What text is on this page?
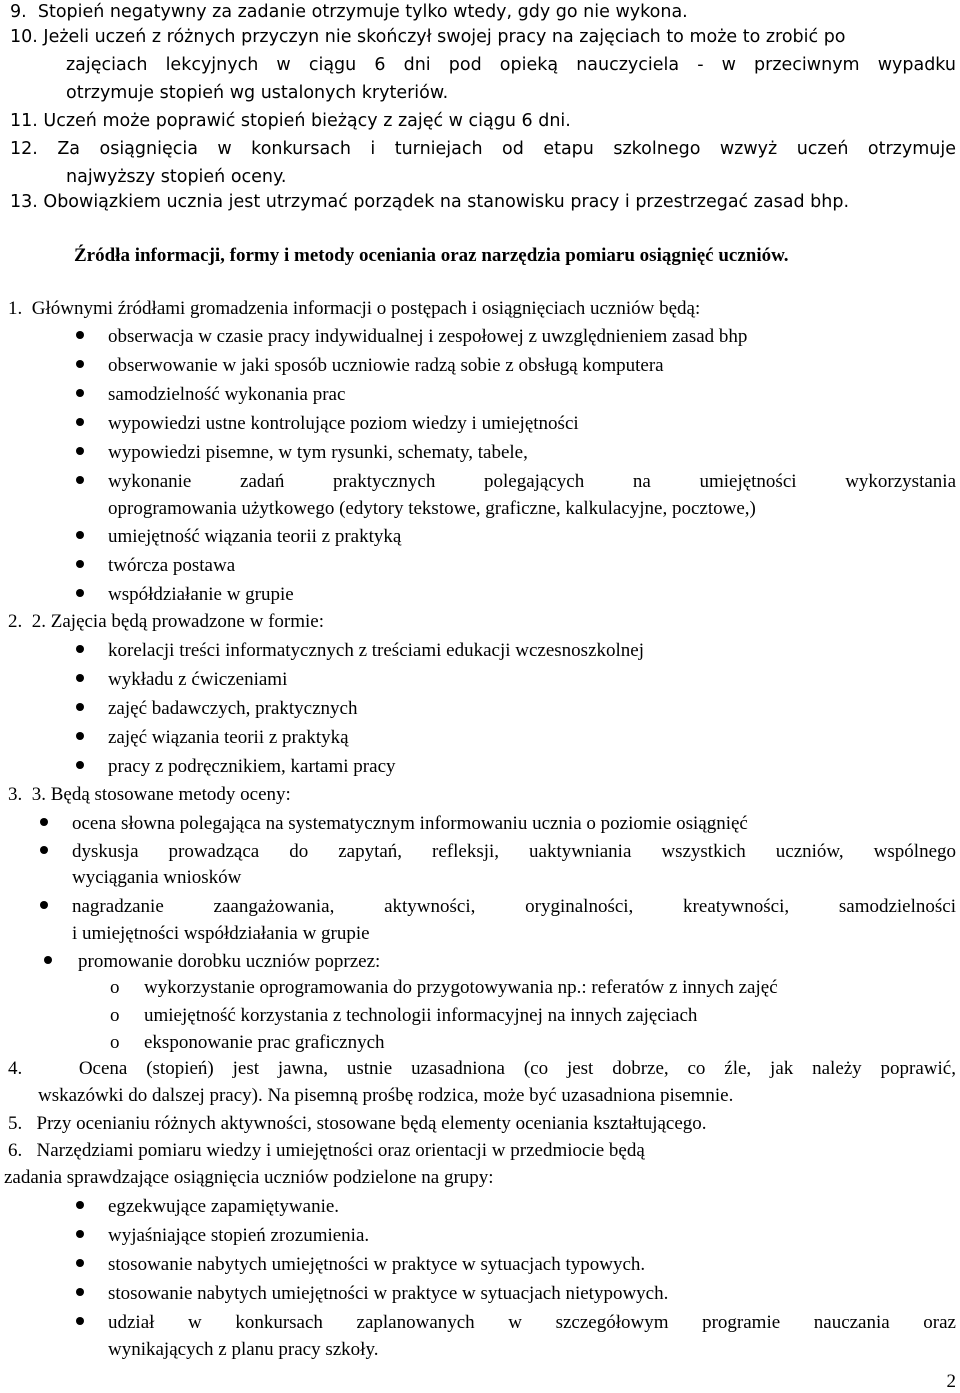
9. Stopień negatywny za zadanie otrzymuje tylko wtedy, gdy go nie wykona.
10. Jeżeli uczeń z różnych przyczyn nie skończył swojej pracy na zajęciach to może to zrobić po
zajęciach lekcyjnych w ciągu 6 dni pod opieką nauczyciela - w przeciwnym wypadku
otrzymuje stopień wg ustalonych kryteriów.
11. Uczeń może poprawić stopień bieżący z zajęć w ciągu 6 dni.
12. Za osiągnięcia w konkursach i turniejach od etapu szkolnego wzwyż uczeń otrzymuje
najwyższy stopień oceny.
13. Obowiązkiem ucznia jest utrzymać porządek na stanowisku pracy i przestrzegać zasad bhp.
Źródła informacji, formy i metody oceniania oraz narzędzia pomiaru osiągnięć uczniów.
1. Głównymi źródłami gromadzenia informacji o postępach i osiągnięciach uczniów będą:
obserwacja w czasie pracy indywidualnej i zespołowej z uwzględnieniem zasad bhp
obserwowanie w jaki sposób uczniowie radzą sobie z obsługą komputera
samodzielność wykonania prac
wypowiedzi ustne kontrolujące poziom wiedzy i umiejętności
wypowiedzi pisemne, w tym rysunki, schematy, tabele,
wykonanie zadań praktycznych polegających na umiejętności wykorzystania
oprogramowania użytkowego (edytory tekstowe, graficzne, kalkulacyjne, pocztowe,)
umiejętność wiązania teorii z praktyką
twórcza postawa
współdziałanie w grupie
2. 2. Zajęcia będą prowadzone w formie:
korelacji treści informatycznych z treściami edukacji wczesnoszkolnej
wykładu z ćwiczeniami
zajęć badawczych, praktycznych
zajęć wiązania teorii z praktyką
pracy z podręcznikiem, kartami pracy
3. 3. Będą stosowane metody oceny:
ocena słowna polegająca na systematycznym informowaniu ucznia o poziomie osiągnięć
dyskusja prowadząca do zapytań, refleksji, uaktywniania wszystkich uczniów, wspólnego
wyciągania wniosków
nagradzanie zaangażowania, aktywności, oryginalności, kreatywności, samodzielności
i umiejętności współdziałania w grupie
promowanie dorobku uczniów poprzez:
o wykorzystanie oprogramowania do przygotowywania np.: referatów z innych zajęć
o umiejętność korzystania z technologii informacyjnej na innych zajęciach
o eksponowanie prac graficznych
4.	Ocena (stopień) jest jawna, ustnie uzasadniona (co jest dobrze, co źle, jak należy poprawić,
wskazówki do dalszej pracy). Na pisemną prośbę rodzica, może być uzasadniona pisemnie.
5. Przy ocenianiu różnych aktywności, stosowane będą elementy oceniania kształtującego.
6. Narzędziami pomiaru wiedzy i umiejętności oraz orientacji w przedmiocie będą
zadania sprawdzające osiągnięcia uczniów podzielone na grupy:
egzekwujące zapamiętywanie.
wyjaśniające stopień zrozumienia.
stosowanie nabytych umiejętności w praktyce w sytuacjach typowych.
stosowanie nabytych umiejętności w praktyce w sytuacjach nietypowych.
udział w konkursach zaplanowanych w szczegółowym programie nauczania oraz
wynikających z planu pracy szkoły.
2
